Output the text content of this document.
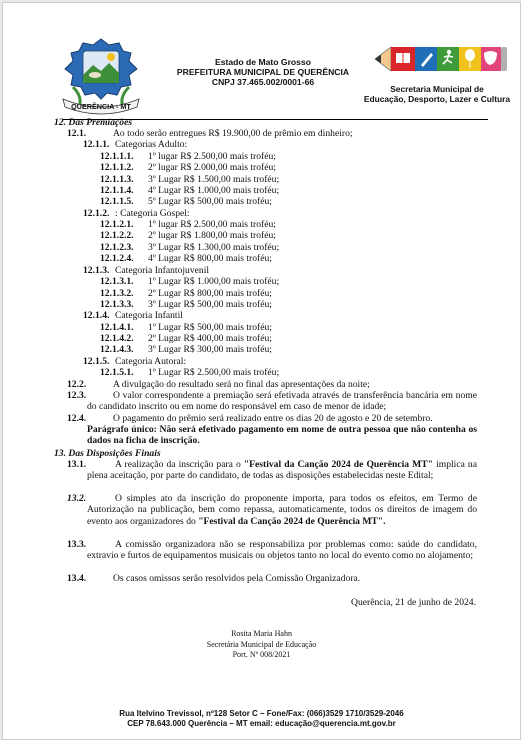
QUERÊNCIA - MT
Estado de Mato Grosso
PREFEITURA MUNICIPAL DE QUERÊNCIA
CNPJ 37.465.002/0001-66
Secretaria Municipal de
Educação, Desporto, Lazer e Cultura
12. Das Premiações
12.1.	Ao todo serão entregues R$ 19.900,00 de prêmio em dinheiro;
12.1.1. Categorias Adulto:
12.1.1.1. 1º lugar R$ 2.500,00 mais troféu;
12.1.1.2. 2º lugar R$ 2.000,00 mais troféu;
12.1.1.3. 3º Lugar R$ 1.500,00 mais troféu;
12.1.1.4. 4º Lugar R$ 1.000,00 mais troféu;
12.1.1.5. 5º Lugar R$ 500,00 mais troféu;
12.1.2. : Categoria Gospel:
12.1.2.1. 1º lugar R$ 2.500,00 mais troféu;
12.1.2.2. 2º lugar R$ 1.800,00 mais troféu;
12.1.2.3. 3º Lugar R$ 1.300,00 mais troféu;
12.1.2.4. 4º Lugar R$ 800,00 mais troféu;
12.1.3. Categoria Infantojuvenil
12.1.3.1. 1º Lugar R$ 1.000,00 mais troféu;
12.1.3.2. 2º Lugar R$ 800,00 mais troféu;
12.1.3.3. 3º Lugar R$ 500,00 mais troféu;
12.1.4. Categoria Infantil
12.1.4.1. 1º Lugar R$ 500,00 mais troféu;
12.1.4.2. 2º Lugar R$ 400,00 mais troféu;
12.1.4.3. 3º Lugar R$ 300,00 mais troféu;
12.1.5. Categoria Autoral:
12.1.5.1. 1º Lugar R$ 2.500,00 mais troféu;
12.2.	A divulgação do resultado será no final das apresentações da noite;
12.3.	O valor correspondente a premiação será efetivada através de transferência bancária em nome do candidato inscrito ou em nome do responsável em caso de menor de idade;
12.4.	O pagamento do prêmio será realizado entre os dias 20 de agosto e 20 de setembro.
Parágrafo único: Não será efetivado pagamento em nome de outra pessoa que não contenha os dados na ficha de inscrição.
13. Das Disposições Finais
13.1.	A realização da inscrição para o "Festival da Canção 2024 de Querência MT" implica na plena aceitação, por parte do candidato, de todas as disposições estabelecidas neste Edital;
13.2.	O simples ato da inscrição do proponente importa, para todos os efeitos, em Termo de Autorização na publicação, bem como repassa, automaticamente, todos os direitos de imagem do evento aos organizadores do "Festival da Canção 2024 de Querência MT".
13.3.	A comissão organizadora não se responsabiliza por problemas como: saúde do candidato, extravio e furtos de equipamentos musicais ou objetos tanto no local do evento como no alojamento;
13.4.	Os casos omissos serão resolvidos pela Comissão Organizadora.
Querência, 21 de junho de 2024.
Rosita Maria Hahn
Secretária Municipal de Educação
Port. Nº 008/2021
Rua Itelvino Trevissol, nº128 Setor C – Fone/Fax: (066)3529 1710/3529-2046
CEP 78.643.000 Querência – MT email: educação@querencia.mt.gov.br
